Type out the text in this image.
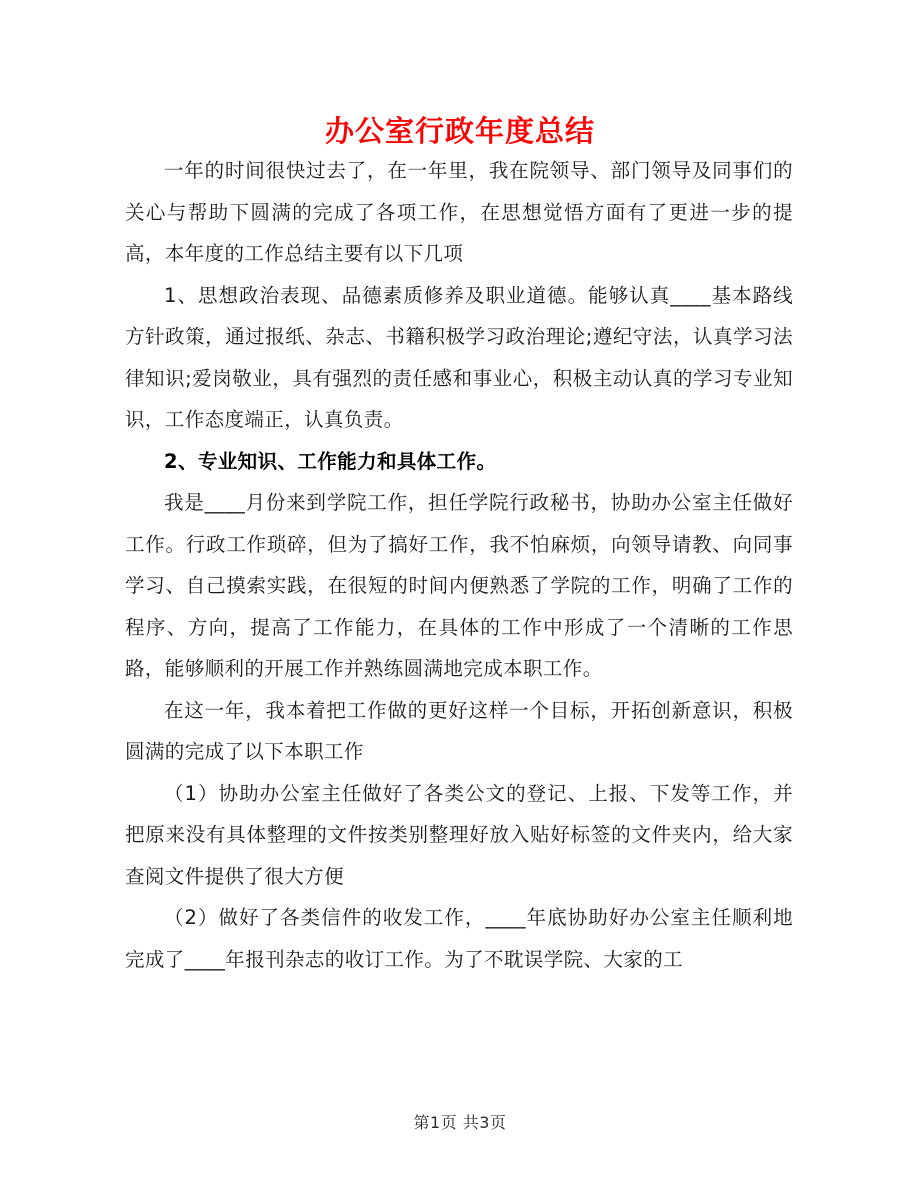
办公室行政年度总结

一年的时间很快过去了，在一年里，我在院领导、部门领导及同事们的关心与帮助下圆满的完成了各项工作，在思想觉悟方面有了更进一步的提高，本年度的工作总结主要有以下几项

1、思想政治表现、品德素质修养及职业道德。能够认真____基本路线方针政策，通过报纸、杂志、书籍积极学习政治理论;遵纪守法，认真学习法律知识;爱岗敬业，具有强烈的责任感和事业心，积极主动认真的学习专业知识，工作态度端正，认真负责。

2、专业知识、工作能力和具体工作。

我是____月份来到学院工作，担任学院行政秘书，协助办公室主任做好工作。行政工作琐碎，但为了搞好工作，我不怕麻烦，向领导请教、向同事学习、自己摸索实践，在很短的时间内便熟悉了学院的工作，明确了工作的程序、方向，提高了工作能力，在具体的工作中形成了一个清晰的工作思路，能够顺利的开展工作并熟练圆满地完成本职工作。

在这一年，我本着把工作做的更好这样一个目标，开拓创新意识，积极圆满的完成了以下本职工作

（1）协助办公室主任做好了各类公文的登记、上报、下发等工作，并把原来没有具体整理的文件按类别整理好放入贴好标签的文件夹内，给大家查阅文件提供了很大方便

（2）做好了各类信件的收发工作，____年底协助好办公室主任顺利地完成了____年报刊杂志的收订工作。为了不耽误学院、大家的工

第1页 共3页
